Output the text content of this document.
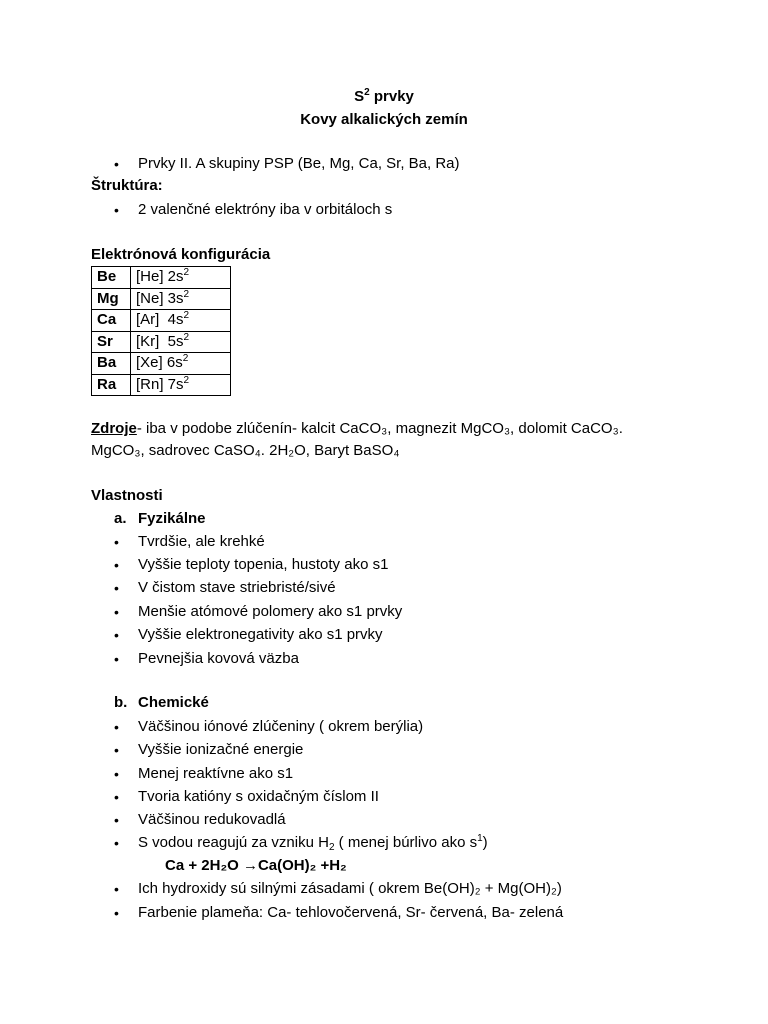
$S^2$ prvky
Kovy alkalických zemín
• Prvky II. A skupiny PSP (Be, Mg, Ca, Sr, Ba, Ra)
Štruktúra:
• 2 valenčné elektróny iba v orbitáloch s
Elektrónová konfigurácia
Be	[He] $2s^2$
Mg	[Ne] $3s^2$
Ca	[Ar]  $4s^2$
Sr	[Kr]  $5s^2$
Ba	[Xe] $6s^2$
Ra	[Rn] $7s^2$
Zdroje- iba v podobe zlúčenín- kalcit CaCO₃, magnezit MgCO₃, dolomit CaCO₃.
MgCO₃, sadrovec CaSO₄. 2H₂O, Baryt BaSO₄
Vlastnosti
a. Fyzikálne
• Tvrdšie, ale krehké
• Vyššie teploty topenia, hustoty ako s1
• V čistom stave striebristé/sivé
• Menšie atómové polomery ako s1 prvky
• Vyššie elektronegativity ako s1 prvky
• Pevnejšia kovová väzba
b. Chemické
• Väčšinou iónové zlúčeniny ( okrem berýlia)
• Vyššie ionizačné energie
• Menej reaktívne ako s1
• Tvoria katióny s oxidačným číslom II
• Väčšinou redukovadlá
• S vodou reagujú za vzniku $H_2$ ( menej búrlivo ako $s^1$)
Ca + 2H₂O →Ca(OH)₂ +H₂
• Ich hydroxidy sú silnými zásadami ( okrem Be(OH)₂ + Mg(OH)₂)
• Farbenie plameňa: Ca- tehlovočervená, Sr- červená, Ba- zelená
